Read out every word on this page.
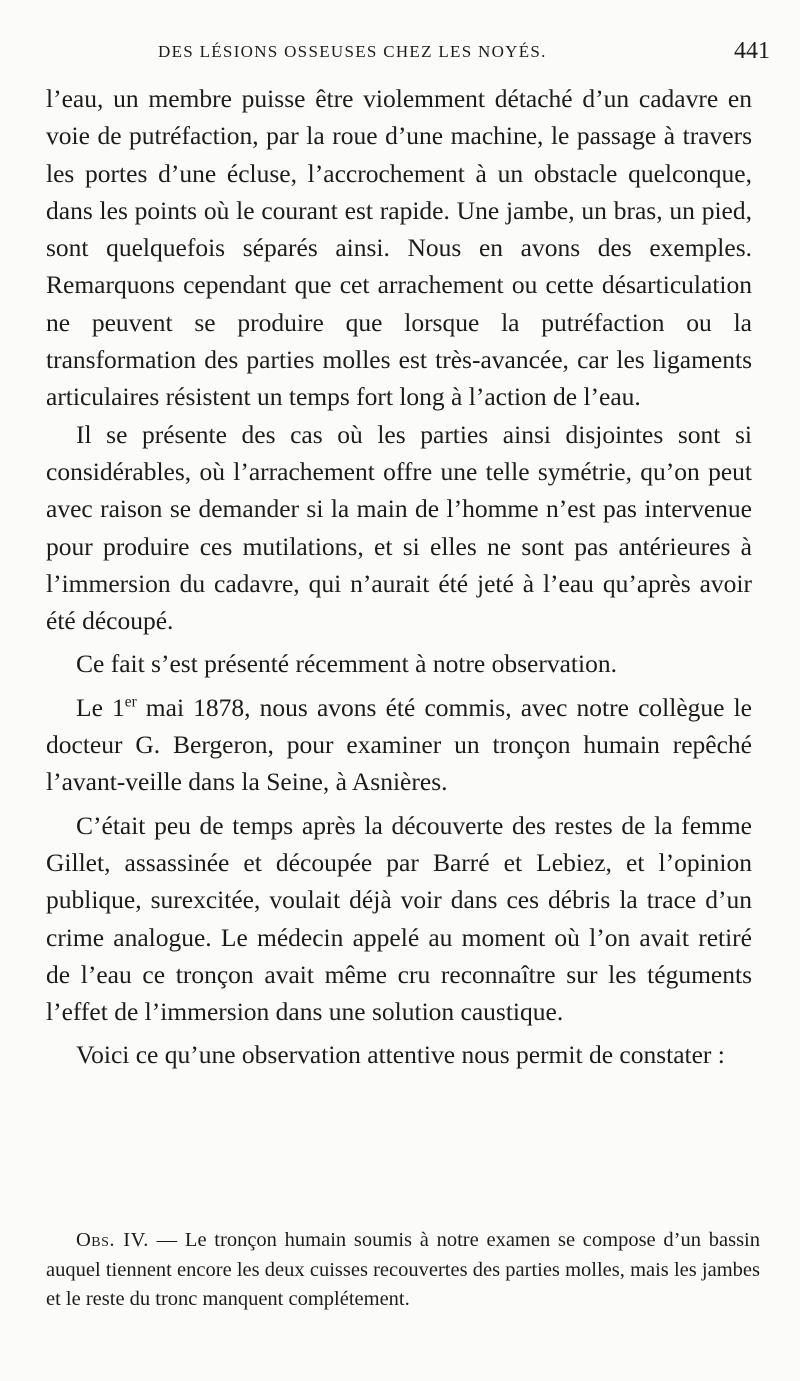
DES LÉSIONS OSSEUSES CHEZ LES NOYÉS.	441

l’eau, un membre puisse être violemment détaché d’un cadavre en voie de putréfaction, par la roue d’une machine, le passage à travers les portes d’une écluse, l’accrochement à un obstacle quelconque, dans les points où le courant est rapide. Une jambe, un bras, un pied, sont quelquefois séparés ainsi. Nous en avons des exemples. Remarquons cependant que cet arrachement ou cette désarticulation ne peuvent se produire que lorsque la putréfaction ou la transformation des parties molles est très-avancée, car les ligaments articulaires résistent un temps fort long à l’action de l’eau.

Il se présente des cas où les parties ainsi disjointes sont si considérables, où l’arrachement offre une telle symétrie, qu’on peut avec raison se demander si la main de l’homme n’est pas intervenue pour produire ces mutilations, et si elles ne sont pas antérieures à l’immersion du cadavre, qui n’aurait été jeté à l’eau qu’après avoir été découpé.

Ce fait s’est présenté récemment à notre observation.

Le 1er mai 1878, nous avons été commis, avec notre collègue le docteur G. Bergeron, pour examiner un tronçon humain repêché l’avant-veille dans la Seine, à Asnières.

C’était peu de temps après la découverte des restes de la femme Gillet, assassinée et découpée par Barré et Lebiez, et l’opinion publique, surexcitée, voulait déjà voir dans ces débris la trace d’un crime analogue. Le médecin appelé au moment où l’on avait retiré de l’eau ce tronçon avait même cru reconnaître sur les téguments l’effet de l’immersion dans une solution caustique.

Voici ce qu’une observation attentive nous permit de constater :

Obs. IV. — Le tronçon humain soumis à notre examen se compose d’un bassin auquel tiennent encore les deux cuisses recouvertes des parties molles, mais les jambes et le reste du tronc manquent complétement.
